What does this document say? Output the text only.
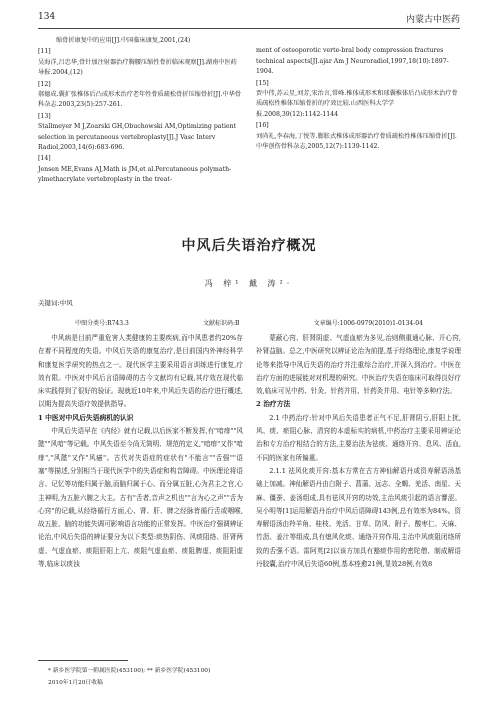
134	内蒙古中医药
缩骨折康复中的应用[J].中国临床康复,2001,(24)
[11]吴海洋,吕忠华,骨针加注射器治疗胸腰压缩性骨折临床观察[J].湖南中医药导报.2004,(12)
[12]郝德成.囊扩张椎体后凸成形术治疗老年性骨质疏松骨折压缩骨折[J].中华骨科杂志.2003,23(5):257-261.
[13]Stallmeyer M J,Zoarski GH,Obuchowski AM,Optimizing patient selection in percutaneous vertebroplasty[J].J Vasc Interv Radiol,2003,14(6):683-696.
[14]Jensen ME,Evans AJ,Math is JM,et al.Percutaneous polymath-ylmethacrylate vertebroplasty in the treat-
ment of osteoporotic verte-bral body compression fractures technical aspects[J].ajar Am J Neuroradiol,1997,18(10):1897-1904.
[15]贾中伟,苏云星,刘芳,宋治言,常峰.椎体成形术和球囊椎体后凸成形术治疗骨质疏松性椎体压缩骨折的疗效比较.山西医科大学学报.2008,39(12):1142-1144
[16]刘尚礼,李春海,丁悦等.膨胀式椎体成形器治疗骨质疏松性椎体压缩骨折[J].中华创伤骨科杂志,2005,12(7):1139-1142.
中风后失语治疗概况
冯 梓¹ 戴 涛²·
关键词:中风
中图分类号:R743.3	文献标识码:B	文章编号:1006-0979(2010)1-0134-04

中风病是目前严重危害人类健康的主要疾病,而中风患者约20%存在着不同程度的失语。中风后失语的康复治疗,是目前国内外神经科学和康复医学研究的热点之一。现代医学主要采用语言训练进行康复,疗效有限。中医对中风后言语障碍的古今文献均有记载,其疗效在现代临床实践得到了很好的验证。现就近10年来,中风后失语的治疗进行概述,以期为提高失语疗效提供指导。

1 中医对中风后失语病机的认识

中风后失语早在《内经》就有记载,以后医家不断发挥,有"喑痱""风懿""风喑"等记载。中风失语至今尚无简明、规范的定义,"喑痱"又作"喑痱","风懿"又作"风癔"。古代对失语症的症状有"不能言""舌强""语塞"等描述,分别相当于现代医学中的失语症和构音障碍。中医理论将语言、记忆等功能归属于脑,而脑归属于心、而分属五脏,心为君主之官,心主神明,为五脏六腑之大主。古有"舌者,音声之机也""言为心之声""舌为心窍"的记载,从经络循行方面,心、肾、肝、脾之经脉皆循行舌或咽喉,故五脏、脑的功能失调可影响语言功能的正常发挥。中医治疗强调辨证论治,中风后失语的辨证要分为以下类型:痰热阴伤、风痰阻络、肝肾两虚、气虚血瘀、痰阻肝阳上亢、痰阻气虚血瘀、痰阻脾虚、痰阻阳虚等,临床以痰浊

蒙蔽心窍、肝肾阴虚、气虚血瘀为多见,治则侧重通心脉、开心窍,补肾益脑。总之,中医研究以辨证论治为前提,基于经络理论,康复学说理论等来指导中风后失语的治疗并注重综合治疗,并深入到治疗。中医在治疗方面的进展能对对机理的研究。中医治疗失语在临床可取得良好疗效,临床可见中药、针灸、针药并用、针药灸并用、电针等多种疗法。

2 治疗方法

2.1 中药治疗:针对中风后失语患者正气不足,肝肾阴亏,肝阳上扰,风、痰、瘀阻心脉、清窍的本虚标实的病机,中药治疗主要采用辨证论治和专方治疗相结合的方法,主要治法为祛痰、通络开窍、息风、活血,不同的医家有所偏重。

2.1.1 祛风化痰开窍:基本方常在古方神仙解语丹或资寿解语汤基础上加减。神仙解语丹由白附子、菖蒲、远志、全蝎、羌活、南星、天麻、僵蚕、姜汤组成,具有祛风开窍的功效,主治风痰引起的语言謇涩。吴小明等[1]运用解语丹治疗中风后语障碍143例,总有效率为84%。资寿解语汤由羚羊角、桂枝、羌活、甘草、防风、附子、酸枣仁、天麻、竹沥、姜汁等组成,具有熄风化痰、通络开窍作用,主治中风痰阻闭络所致的舌强不语。雷阿英[2]以该方加具有豁痰作用的密陀僧、制成解语丹胶囊,治疗中风后失语60例,基本痊愈21例,显效28例,有效8

* 新乡医学院第一附属医院(453100); ** 新乡医学院(453100)
2010年1月20日收稿
